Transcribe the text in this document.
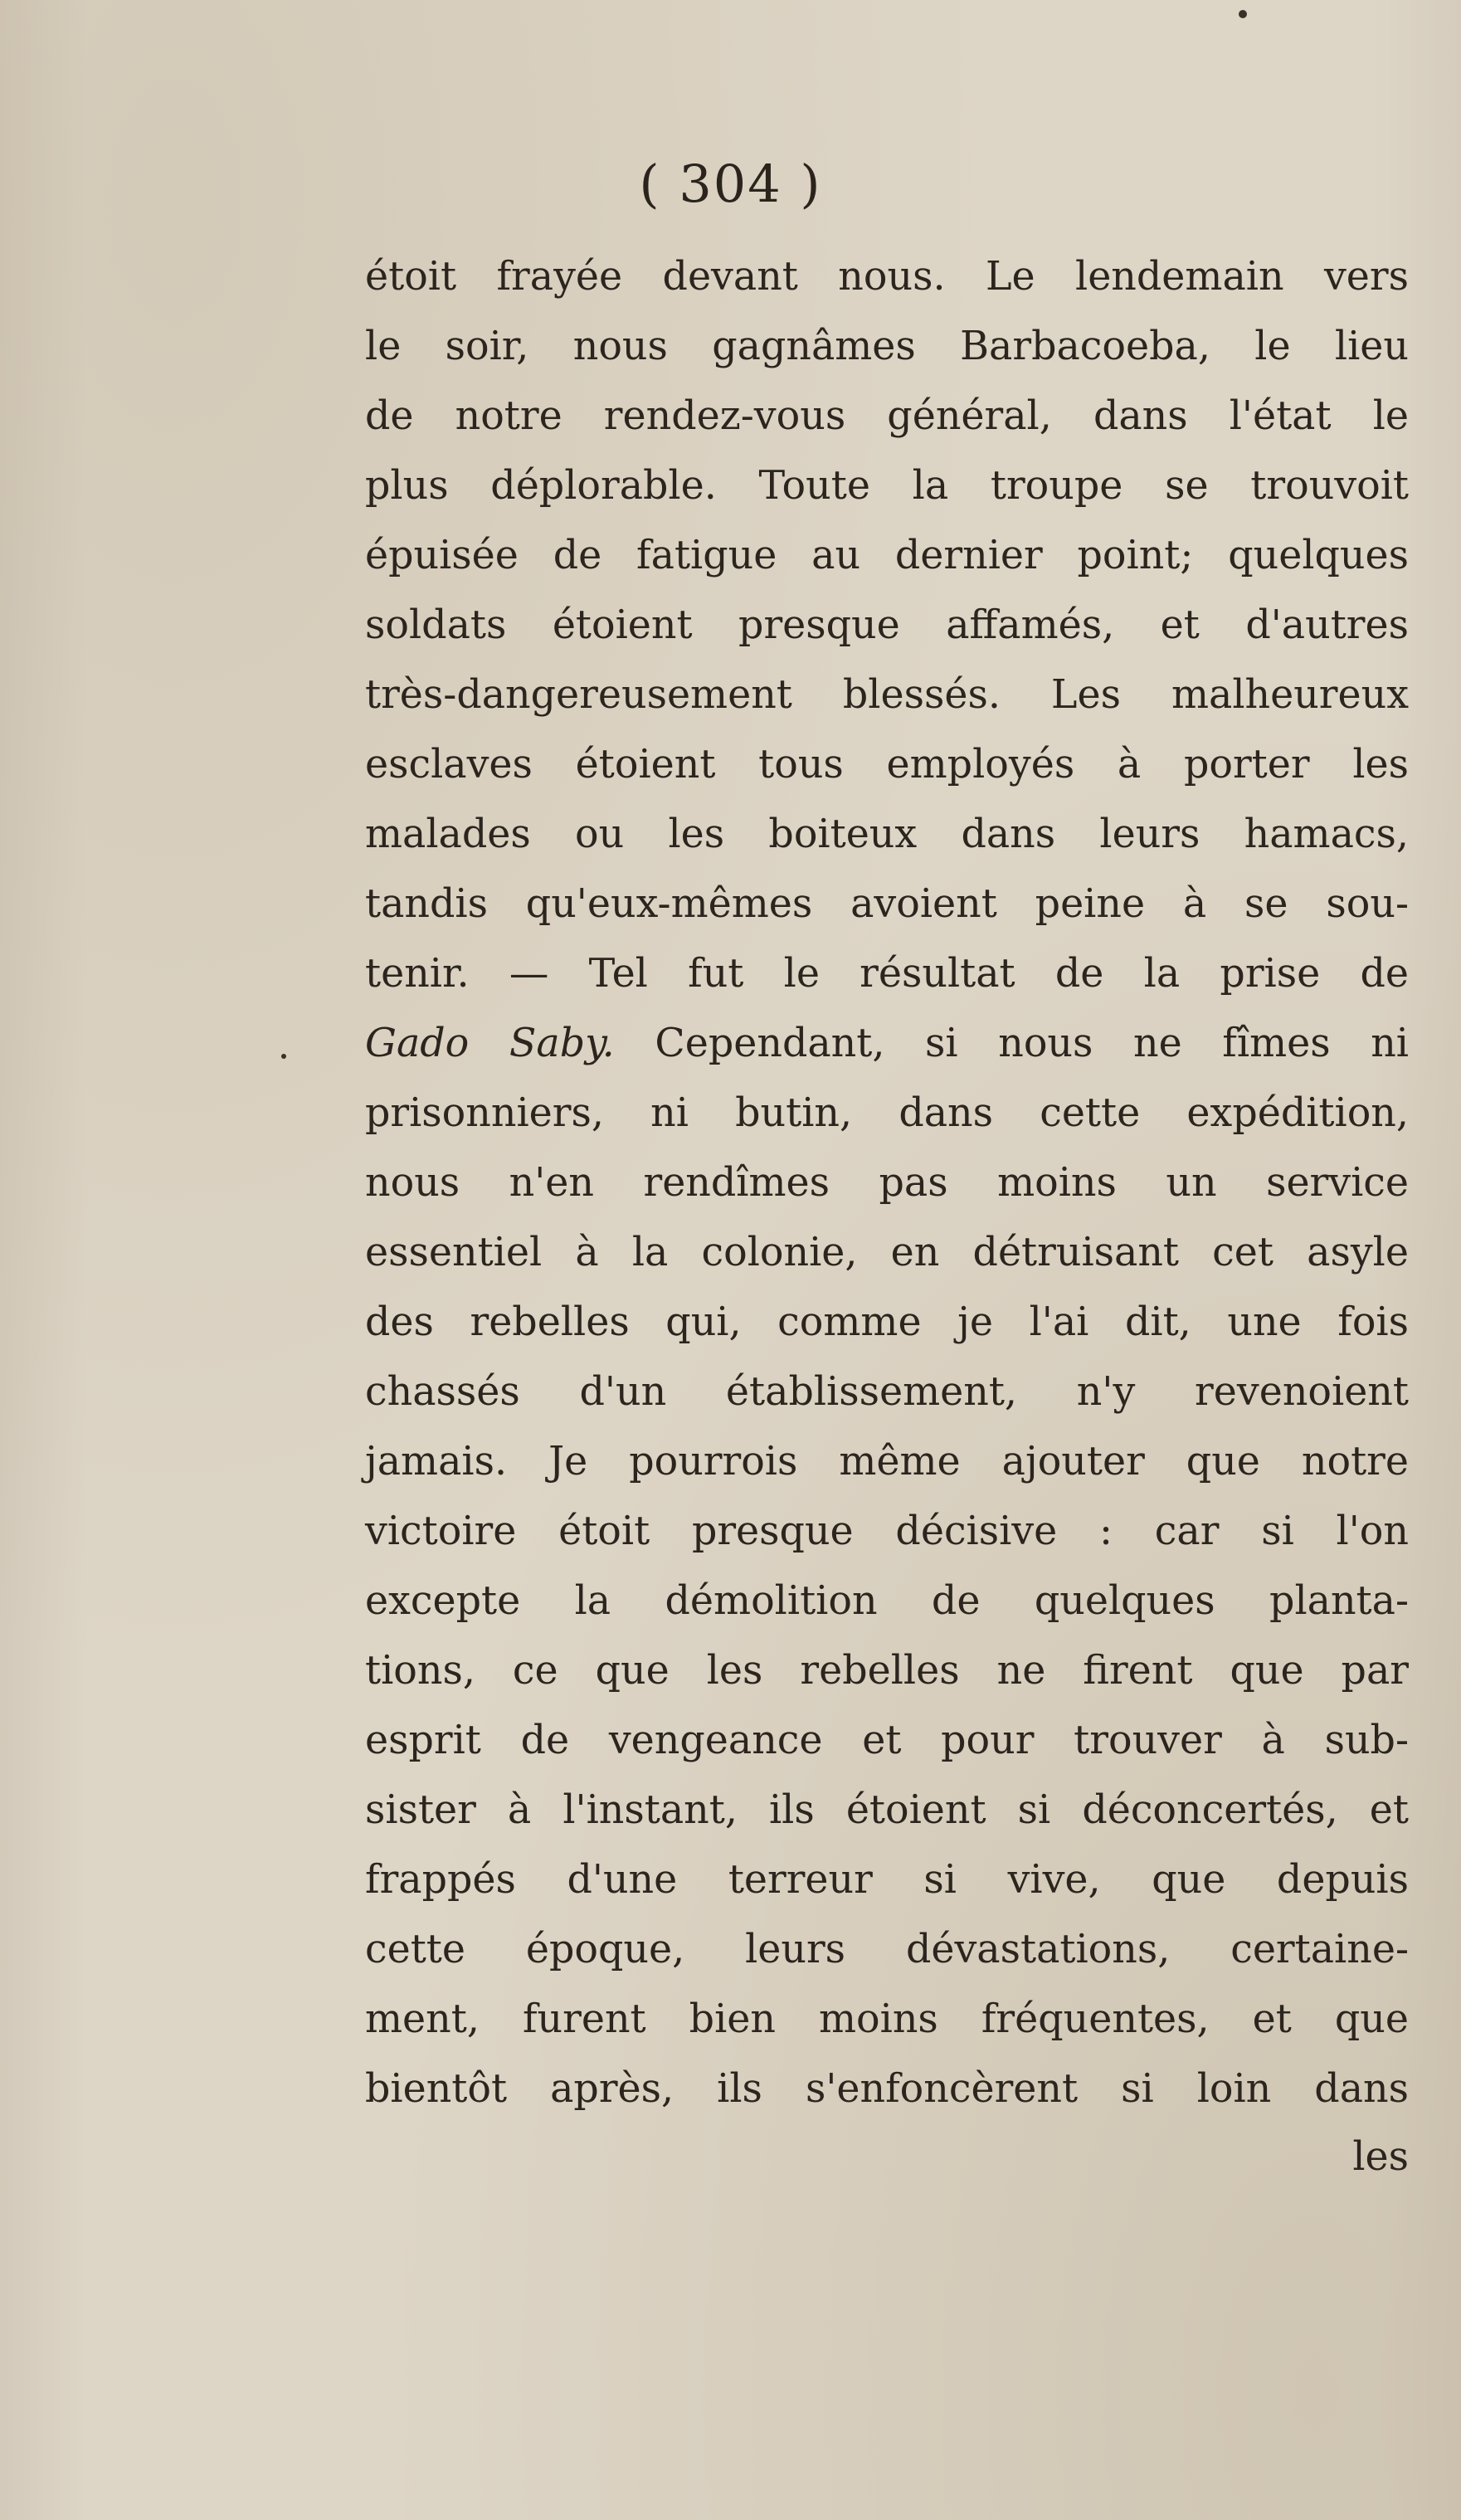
( 304 )
étoit frayée devant nous. Le lendemain vers
le soir, nous gagnâmes Barbacoeba, le lieu
de notre rendez-vous général, dans l'état le
plus déplorable. Toute la troupe se trouvoit
épuisée de fatigue au dernier point; quelques
soldats étoient presque affamés, et d'autres
très-dangereusement blessés. Les malheureux
esclaves étoient tous employés à porter les
malades ou les boiteux dans leurs hamacs,
tandis qu'eux-mêmes avoient peine à se sou-
tenir. — Tel fut le résultat de la prise de
Gado Saby. Cependant, si nous ne fîmes ni
prisonniers, ni butin, dans cette expédition,
nous n'en rendîmes pas moins un service
essentiel à la colonie, en détruisant cet asyle
des rebelles qui, comme je l'ai dit, une fois
chassés d'un établissement, n'y revenoient
jamais. Je pourrois même ajouter que notre
victoire étoit presque décisive : car si l'on
excepte la démolition de quelques planta-
tions, ce que les rebelles ne firent que par
esprit de vengeance et pour trouver à sub-
sister à l'instant, ils étoient si déconcertés, et
frappés d'une terreur si vive, que depuis
cette époque, leurs dévastations, certaine-
ment, furent bien moins fréquentes, et que
bientôt après, ils s'enfoncèrent si loin dans
les
